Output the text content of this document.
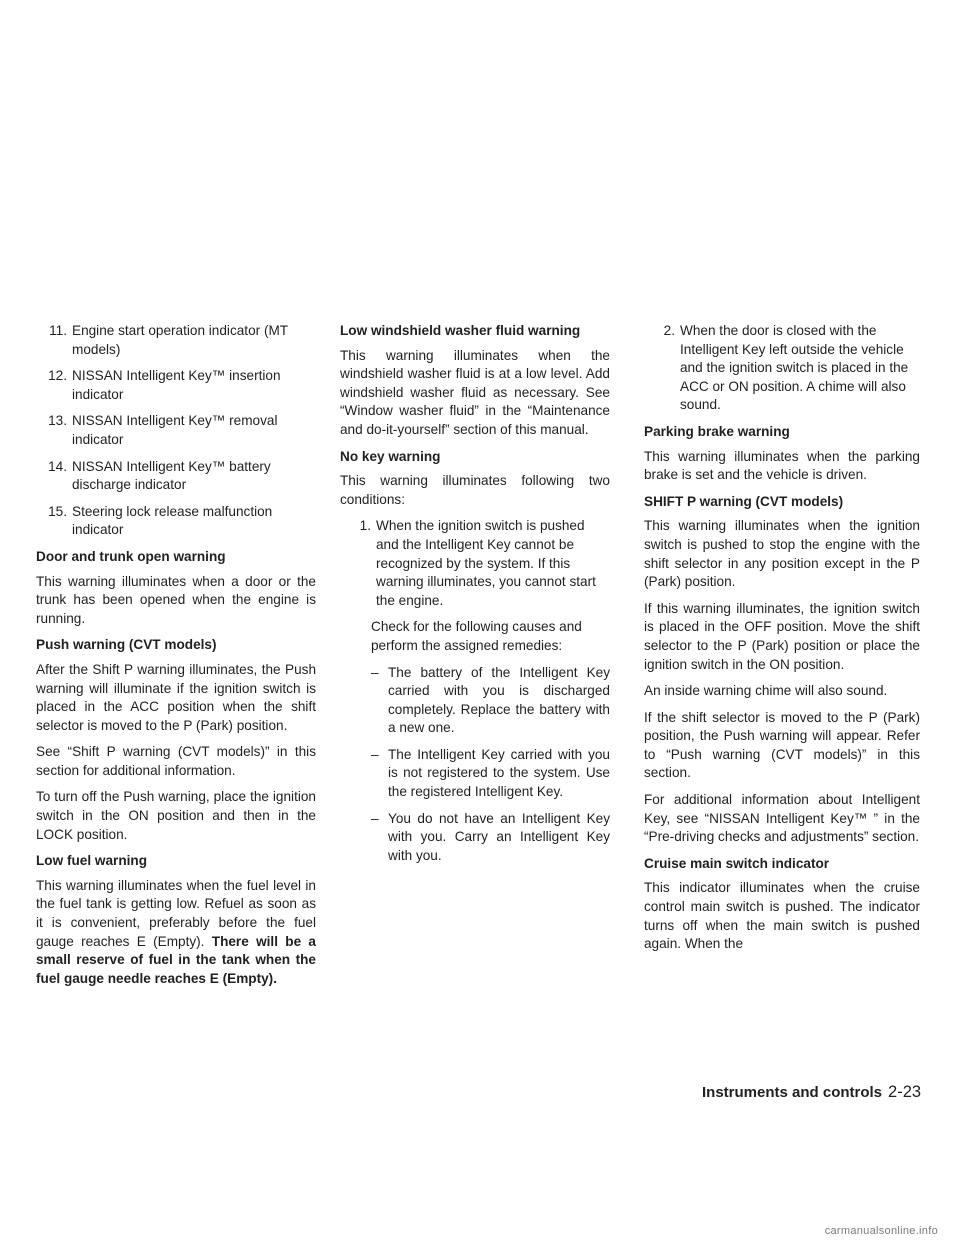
11. Engine start operation indicator (MT models)
12. NISSAN Intelligent Key™ insertion indicator
13. NISSAN Intelligent Key™ removal indicator
14. NISSAN Intelligent Key™ battery discharge indicator
15. Steering lock release malfunction indicator
Door and trunk open warning

This warning illuminates when a door or the trunk has been opened when the engine is running.

Push warning (CVT models)

After the Shift P warning illuminates, the Push warning will illuminate if the ignition switch is placed in the ACC position when the shift selector is moved to the P (Park) position.

See “Shift P warning (CVT models)” in this section for additional information.

To turn off the Push warning, place the ignition switch in the ON position and then in the LOCK position.

Low fuel warning

This warning illuminates when the fuel level in the fuel tank is getting low. Refuel as soon as it is convenient, preferably before the fuel gauge reaches E (Empty). There will be a small reserve of fuel in the tank when the fuel gauge needle reaches E (Empty).

Low windshield washer fluid warning

This warning illuminates when the windshield washer fluid is at a low level. Add windshield washer fluid as necessary. See “Window washer fluid” in the “Maintenance and do-it-yourself” section of this manual.

No key warning

This warning illuminates following two conditions:

1. When the ignition switch is pushed and the Intelligent Key cannot be recognized by the system. If this warning illuminates, you cannot start the engine.

Check for the following causes and perform the assigned remedies:

– The battery of the Intelligent Key carried with you is discharged completely. Replace the battery with a new one.
– The Intelligent Key carried with you is not registered to the system. Use the registered Intelligent Key.
– You do not have an Intelligent Key with you. Carry an Intelligent Key with you.
2. When the door is closed with the Intelligent Key left outside the vehicle and the ignition switch is placed in the ACC or ON position. A chime will also sound.
Parking brake warning

This warning illuminates when the parking brake is set and the vehicle is driven.

SHIFT P warning (CVT models)

This warning illuminates when the ignition switch is pushed to stop the engine with the shift selector in any position except in the P (Park) position.

If this warning illuminates, the ignition switch is placed in the OFF position. Move the shift selector to the P (Park) position or place the ignition switch in the ON position.

An inside warning chime will also sound.

If the shift selector is moved to the P (Park) position, the Push warning will appear. Refer to “Push warning (CVT models)” in this section.

For additional information about Intelligent Key, see “NISSAN Intelligent Key™ ” in the “Pre-driving checks and adjustments” section.

Cruise main switch indicator

This indicator illuminates when the cruise control main switch is pushed. The indicator turns off when the main switch is pushed again. When the

Instruments and controls 2-23
carmanualsonline.info
